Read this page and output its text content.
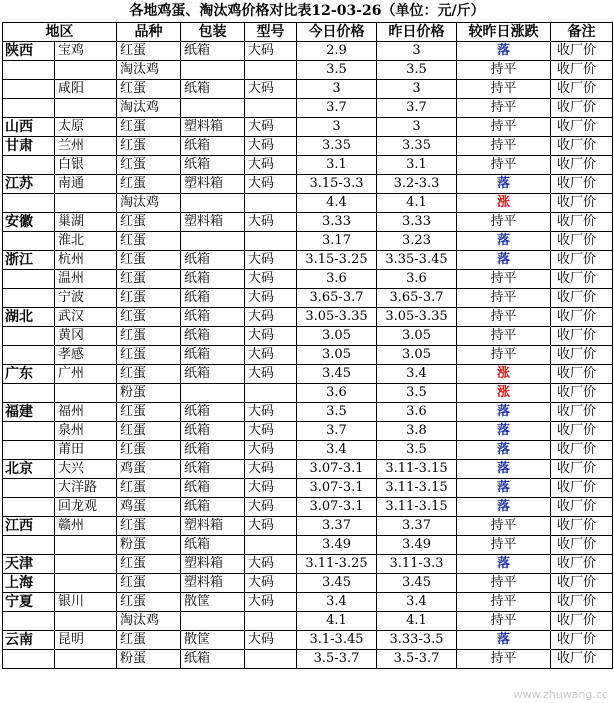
各地鸡蛋、淘汰鸡价格对比表12-03-26（单位：元/斤）
地区		品种	包装	型号	今日价格	昨日价格	较昨日涨跌	备注
陕西	宝鸡	红蛋	纸箱	大码	2.9	3	落	收厂价
		淘汰鸡			3.5	3.5	持平	收厂价
	咸阳	红蛋	纸箱	大码	3	3	持平	收厂价
		淘汰鸡			3.7	3.7	持平	收厂价
山西	太原	红蛋	塑料箱	大码	3	3	持平	收厂价
甘肃	兰州	红蛋	纸箱	大码	3.35	3.35	持平	收厂价
	白银	红蛋	纸箱	大码	3.1	3.1	持平	收厂价
江苏	南通	红蛋	塑料箱	大码	3.15-3.3	3.2-3.3	落	收厂价
		淘汰鸡			4.4	4.1	涨	收厂价
安徽	巢湖	红蛋	塑料箱	大码	3.33	3.33	持平	收厂价
	淮北	红蛋			3.17	3.23	落	收厂价
浙江	杭州	红蛋	纸箱	大码	3.15-3.25	3.35-3.45	落	收厂价
	温州	红蛋	纸箱	大码	3.6	3.6	持平	收厂价
	宁波	红蛋	纸箱	大码	3.65-3.7	3.65-3.7	持平	收厂价
湖北	武汉	红蛋	纸箱	大码	3.05-3.35	3.05-3.35	持平	收厂价
	黄冈	红蛋	纸箱	大码	3.05	3.05	持平	收厂价
	孝感	红蛋	纸箱	大码	3.05	3.05	持平	收厂价
广东	广州	红蛋	纸箱	大码	3.45	3.4	涨	收厂价
		粉蛋			3.6	3.5	涨	收厂价
福建	福州	红蛋	纸箱	大码	3.5	3.6	落	收厂价
	泉州	红蛋	纸箱	大码	3.7	3.8	落	收厂价
	莆田	红蛋	纸箱	大码	3.4	3.5	落	收厂价
北京	大兴	鸡蛋	纸箱	大码	3.07-3.1	3.11-3.15	落	收厂价
	大洋路	红蛋	纸箱	大码	3.07-3.1	3.11-3.15	落	收厂价
	回龙观	鸡蛋	纸箱	大码	3.07-3.1	3.11-3.15	落	收厂价
江西	赣州	红蛋	塑料箱	大码	3.37	3.37	持平	收厂价
		粉蛋	纸箱		3.49	3.49	持平	收厂价
天津		红蛋	塑料箱	大码	3.11-3.25	3.11-3.3	落	收厂价
上海		红蛋	塑料箱	大码	3.45	3.45	持平	收厂价
宁夏	银川	红蛋	散筐	大码	3.4	3.4	持平	收厂价
		淘汰鸡			4.1	4.1	持平	收厂价
云南	昆明	红蛋	散筐	大码	3.1-3.45	3.33-3.5	落	收厂价
		粉蛋	纸箱		3.5-3.7	3.5-3.7	持平	收厂价
www.zhuwang.cc
